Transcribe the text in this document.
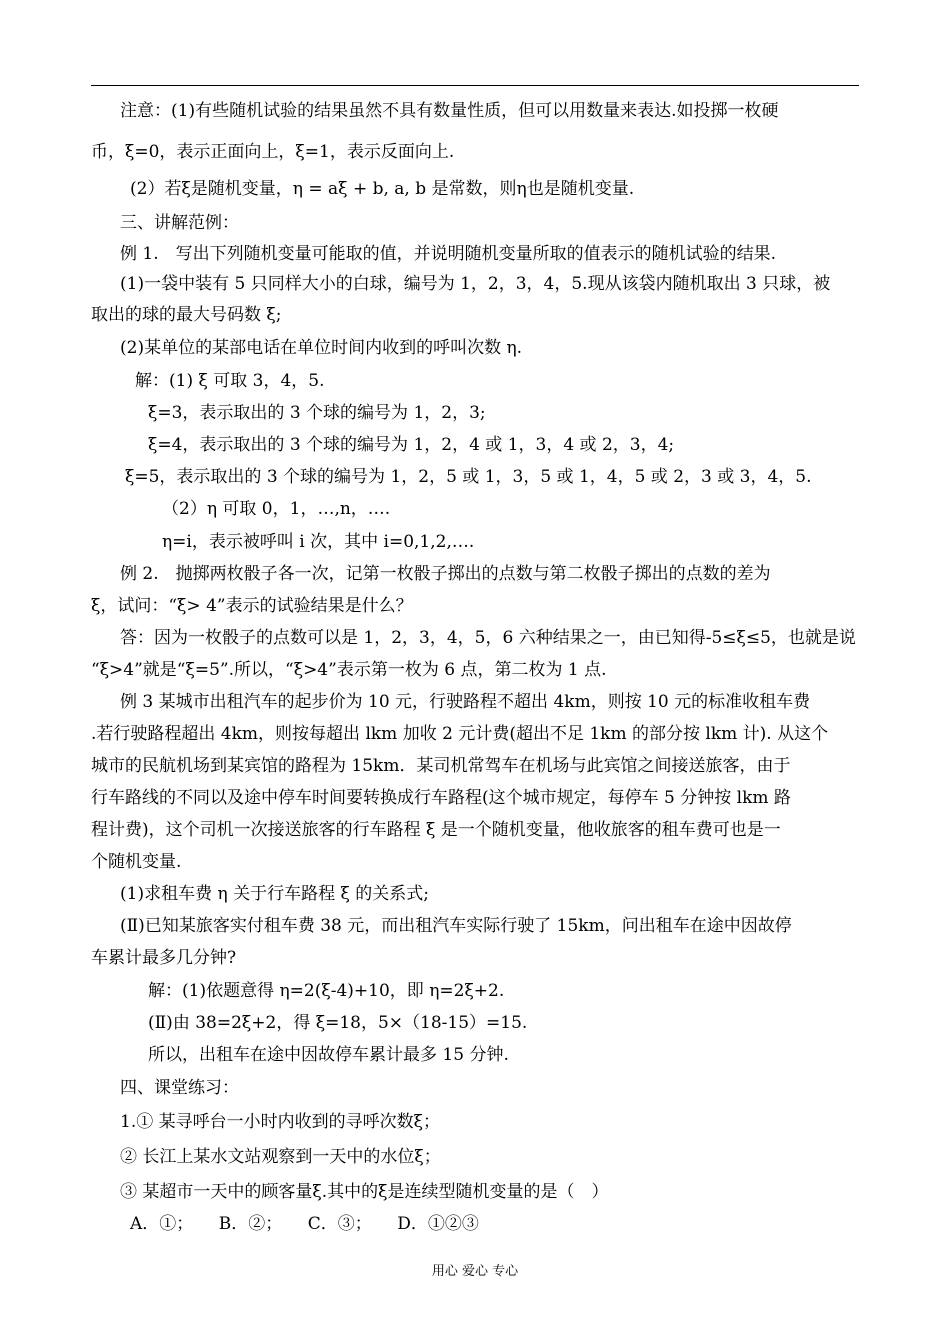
注意：(1)有些随机试验的结果虽然不具有数量性质，但可以用数量来表达.如投掷一枚硬
币，ξ=0，表示正面向上，ξ=1，表示反面向上.
(2）若ξ是随机变量，η = aξ + b, a, b 是常数，则η也是随机变量.
三、讲解范例：
例 1.　写出下列随机变量可能取的值，并说明随机变量所取的值表示的随机试验的结果.
(1)一袋中装有 5 只同样大小的白球，编号为 1，2，3，4，5.现从该袋内随机取出 3 只球，被
取出的球的最大号码数 ξ;
(2)某单位的某部电话在单位时间内收到的呼叫次数 η.
解：(1) ξ 可取 3，4，5.
ξ=3，表示取出的 3 个球的编号为 1，2，3;
ξ=4，表示取出的 3 个球的编号为 1，2，4 或 1，3，4 或 2，3，4;
ξ=5，表示取出的 3 个球的编号为 1，2，5 或 1，3，5 或 1，4，5 或 2，3 或 3，4，5.
（2）η 可取 0，1，…,n，….
η=i，表示被呼叫 i 次，其中 i=0,1,2,….
例 2.　抛掷两枚骰子各一次，记第一枚骰子掷出的点数与第二枚骰子掷出的点数的差为
ξ，试问：“ξ> 4”表示的试验结果是什么？
答：因为一枚骰子的点数可以是 1，2，3，4，5，6 六种结果之一，由已知得-5≤ξ≤5，也就是说
“ξ>4”就是“ξ=5”.所以，“ξ>4”表示第一枚为 6 点，第二枚为 1 点.
例 3 某城市出租汽车的起步价为 10 元，行驶路程不超出 4km，则按 10 元的标准收租车费
.若行驶路程超出 4km，则按每超出 lkm 加收 2 元计费(超出不足 1km 的部分按 lkm 计). 从这个
城市的民航机场到某宾馆的路程为 15km．某司机常驾车在机场与此宾馆之间接送旅客，由于
行车路线的不同以及途中停车时间要转换成行车路程(这个城市规定，每停车 5 分钟按 lkm 路
程计费)，这个司机一次接送旅客的行车路程 ξ 是一个随机变量，他收旅客的租车费可也是一
个随机变量.
(1)求租车费 η 关于行车路程 ξ 的关系式;
(Ⅱ)已知某旅客实付租车费 38 元，而出租汽车实际行驶了 15km，问出租车在途中因故停
车累计最多几分钟?
解：(1)依题意得 η=2(ξ-4)+10，即 η=2ξ+2.
(Ⅱ)由 38=2ξ+2，得 ξ=18，5×（18-15）=15.
所以，出租车在途中因故停车累计最多 15 分钟.
四、课堂练习：
1.① 某寻呼台一小时内收到的寻呼次数ξ；
② 长江上某水文站观察到一天中的水位ξ；
③ 某超市一天中的顾客量ξ.其中的ξ是连续型随机变量的是（　）
A．①；　　B．②；　　C．③；　　D．①②③
用心 爱心 专心
